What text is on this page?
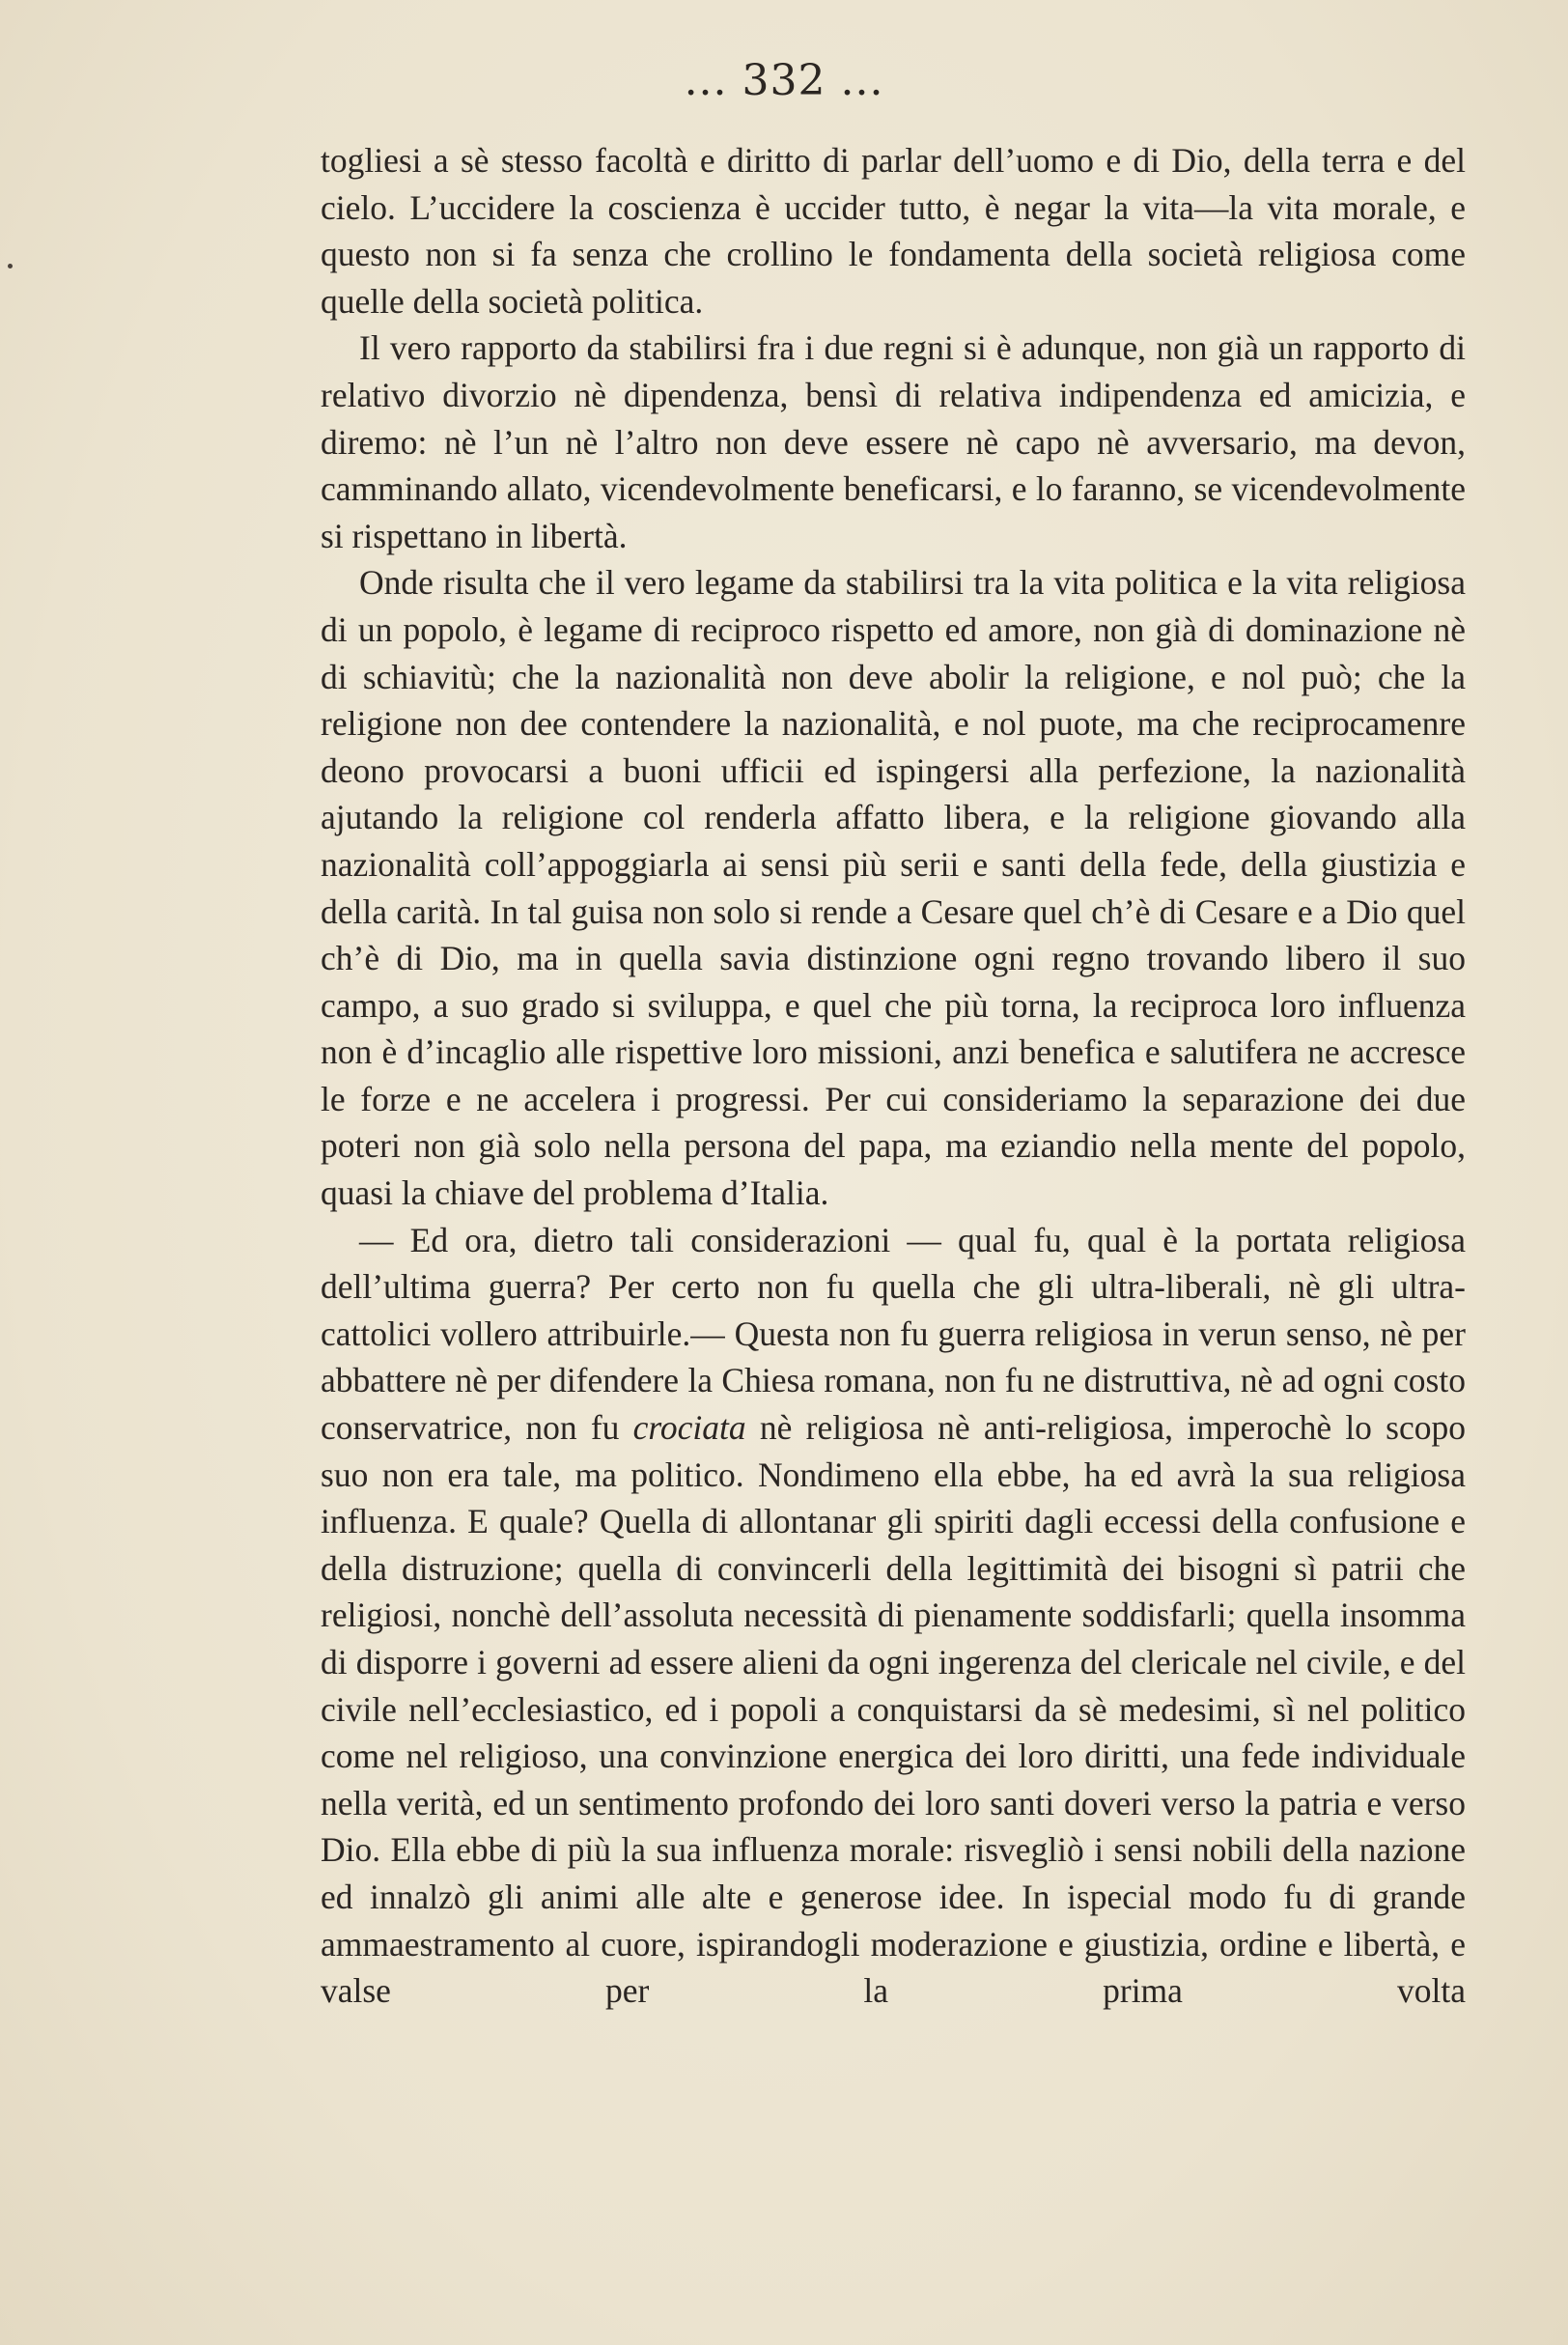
... 332 ...

togliesi a sè stesso facoltà e diritto di parlar dell’uomo e di Dio, della terra e del cielo. L’uccidere la coscienza è uccider tutto, è negar la vita—la vita morale, e questo non si fa senza che crollino le fondamenta della società religiosa come quelle della società politica.

Il vero rapporto da stabilirsi fra i due regni si è adunque, non già un rapporto di relativo divorzio nè dipendenza, bensì di relativa indipendenza ed amicizia, e diremo: nè l’un nè l’altro non deve essere nè capo nè avversario, ma devon, camminando allato, vicendevolmente beneficarsi, e lo faranno, se vicendevolmente si rispettano in libertà.

Onde risulta che il vero legame da stabilirsi tra la vita politica e la vita religiosa di un popolo, è legame di reciproco rispetto ed amore, non già di dominazione nè di schiavitù; che la nazionalità non deve abolir la religione, e nol può; che la religione non dee contendere la nazionalità, e nol puote, ma che reciprocamenre deono provocarsi a buoni ufficii ed ispingersi alla perfezione, la nazionalità ajutando la religione col renderla affatto libera, e la religione giovando alla nazionalità coll’appoggiarla ai sensi più serii e santi della fede, della giustizia e della carità. In tal guisa non solo si rende a Cesare quel ch’è di Cesare e a Dio quel ch’è di Dio, ma in quella savia distinzione ogni regno trovando libero il suo campo, a suo grado si sviluppa, e quel che più torna, la reciproca loro influenza non è d’incaglio alle rispettive loro missioni, anzi benefica e salutifera ne accresce le forze e ne accelera i progressi. Per cui consideriamo la separazione dei due poteri non già solo nella persona del papa, ma eziandio nella mente del popolo, quasi la chiave del problema d’Italia.

— Ed ora, dietro tali considerazioni — qual fu, qual è la portata religiosa dell’ultima guerra? Per certo non fu quella che gli ultra-liberali, nè gli ultra-cattolici vollero attribuirle.— Questa non fu guerra religiosa in verun senso, nè per abbattere nè per difendere la Chiesa romana, non fu ne distruttiva, nè ad ogni costo conservatrice, non fu crociata nè religiosa nè anti-religiosa, imperochè lo scopo suo non era tale, ma politico. Nondimeno ella ebbe, ha ed avrà la sua religiosa influenza. E quale? Quella di allontanar gli spiriti dagli eccessi della confusione e della distruzione; quella di convincerli della legittimità dei bisogni sì patrii che religiosi, nonchè dell’assoluta necessità di pienamente soddisfarli; quella insomma di disporre i governi ad essere alieni da ogni ingerenza del clericale nel civile, e del civile nell’ecclesiastico, ed i popoli a conquistarsi da sè medesimi, sì nel politico come nel religioso, una convinzione energica dei loro diritti, una fede individuale nella verità, ed un sentimento profondo dei loro santi doveri verso la patria e verso Dio. Ella ebbe di più la sua influenza morale: risvegliò i sensi nobili della nazione ed innalzò gli animi alle alte e generose idee. In ispecial modo fu di grande ammaestramento al cuore, ispirandogli moderazione e giustizia, ordine e libertà, e valse per la prima volta
